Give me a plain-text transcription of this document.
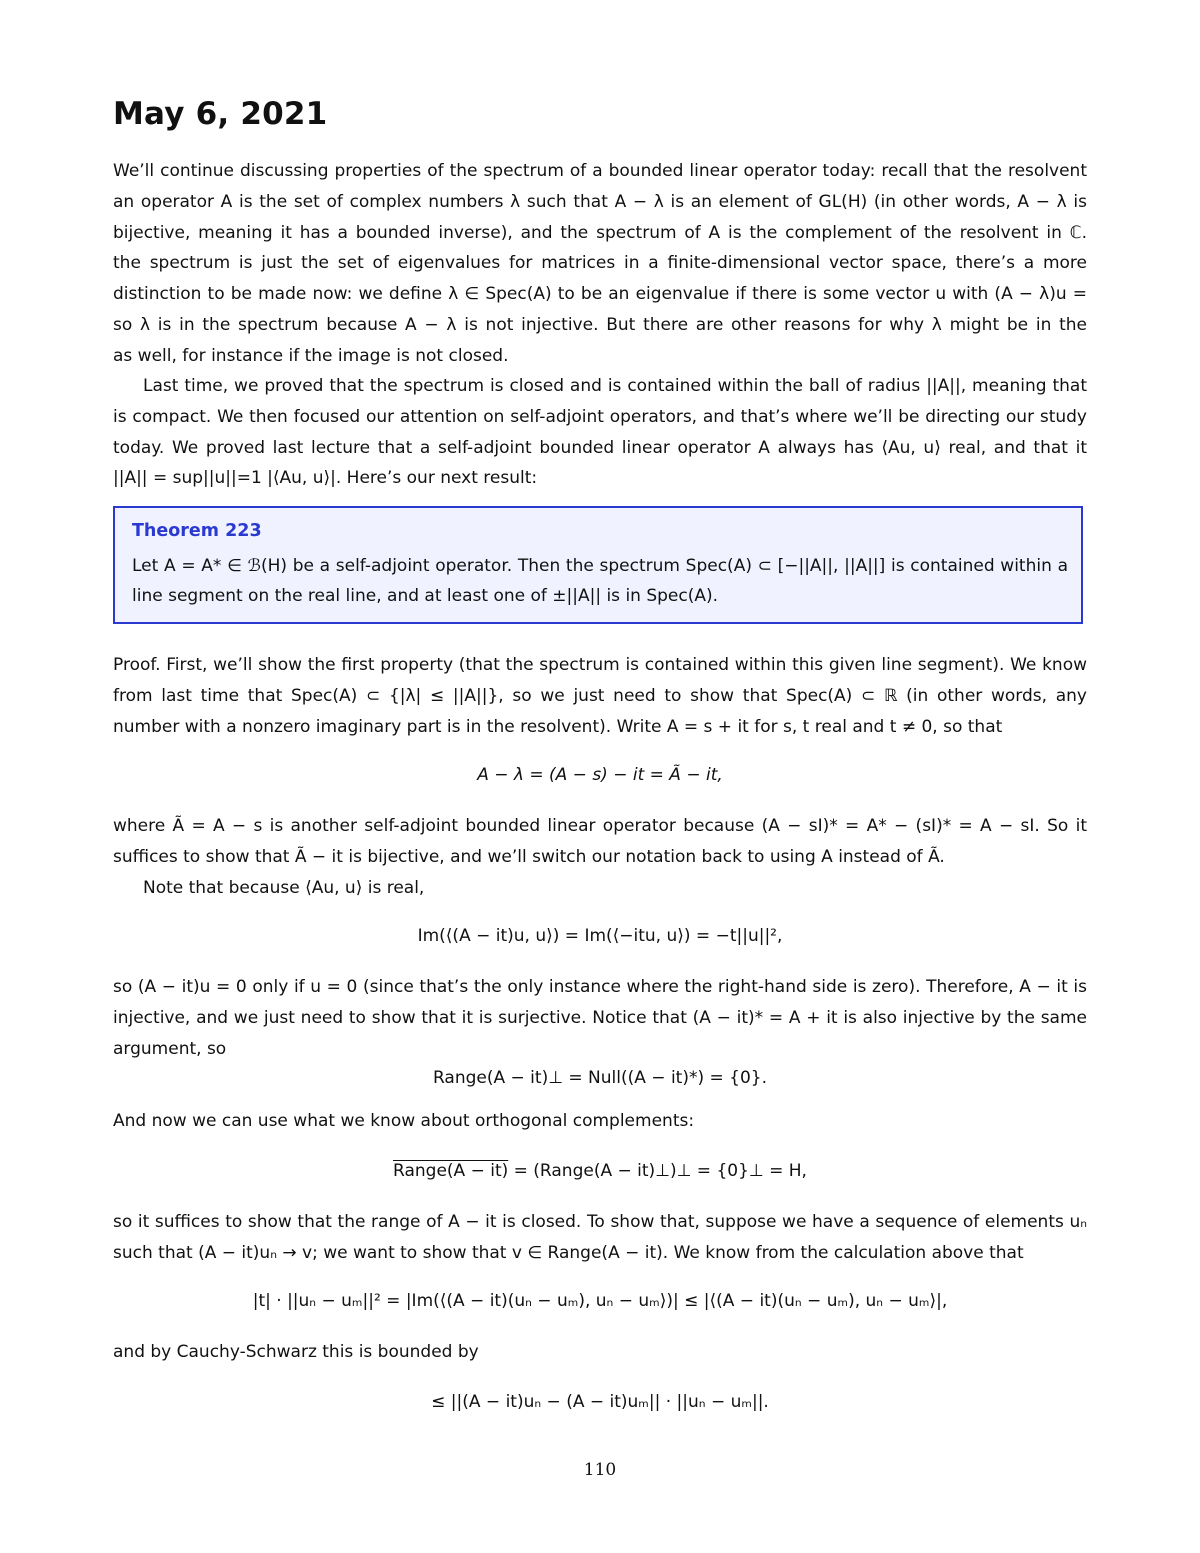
May 6, 2021
We’ll continue discussing properties of the spectrum of a bounded linear operator today: recall that the resolvent
an operator A is the set of complex numbers λ such that A − λ is an element of GL(H) (in other words, A − λ is
bijective, meaning it has a bounded inverse), and the spectrum of A is the complement of the resolvent in ℂ.
the spectrum is just the set of eigenvalues for matrices in a finite-dimensional vector space, there’s a more
distinction to be made now: we define λ ∈ Spec(A) to be an eigenvalue if there is some vector u with (A − λ)u =
so λ is in the spectrum because A − λ is not injective. But there are other reasons for why λ might be in the
as well, for instance if the image is not closed.
Last time, we proved that the spectrum is closed and is contained within the ball of radius ||A||, meaning that
is compact. We then focused our attention on self-adjoint operators, and that’s where we’ll be directing our study
today. We proved last lecture that a self-adjoint bounded linear operator A always has ⟨Au, u⟩ real, and that it
||A|| = sup||u||=1 |⟨Au, u⟩|. Here’s our next result:
Theorem 223
Let A = A* ∈ ℬ(H) be a self-adjoint operator. Then the spectrum Spec(A) ⊂ [−||A||, ||A||] is contained within a
line segment on the real line, and at least one of ±||A|| is in Spec(A).
Proof. First, we’ll show the first property (that the spectrum is contained within this given line segment). We know
from last time that Spec(A) ⊂ {|λ| ≤ ||A||}, so we just need to show that Spec(A) ⊂ ℝ (in other words, any
number with a nonzero imaginary part is in the resolvent). Write A = s + it for s, t real and t ≠ 0, so that
A − λ = (A − s) − it = Ã − it,
where Ã = A − s is another self-adjoint bounded linear operator because (A − sI)* = A* − (sI)* = A − sI. So it
suffices to show that Ã − it is bijective, and we’ll switch our notation back to using A instead of Ã.
Note that because ⟨Au, u⟩ is real,
Im(⟨(A − it)u, u⟩) = Im(⟨−itu, u⟩) = −t||u||²,
so (A − it)u = 0 only if u = 0 (since that’s the only instance where the right-hand side is zero). Therefore, A − it is
injective, and we just need to show that it is surjective. Notice that (A − it)* = A + it is also injective by the same
argument, so
Range(A − it)⊥ = Null((A − it)*) = {0}.
And now we can use what we know about orthogonal complements:
Range(A − it) = (Range(A − it)⊥)⊥ = {0}⊥ = H,
so it suffices to show that the range of A − it is closed. To show that, suppose we have a sequence of elements uₙ
such that (A − it)uₙ → v; we want to show that v ∈ Range(A − it). We know from the calculation above that
|t| · ||uₙ − uₘ||² = |Im(⟨(A − it)(uₙ − uₘ), uₙ − uₘ⟩)| ≤ |⟨(A − it)(uₙ − uₘ), uₙ − uₘ⟩|,
and by Cauchy-Schwarz this is bounded by
≤ ||(A − it)uₙ − (A − it)uₘ|| · ||uₙ − uₘ||.
110
